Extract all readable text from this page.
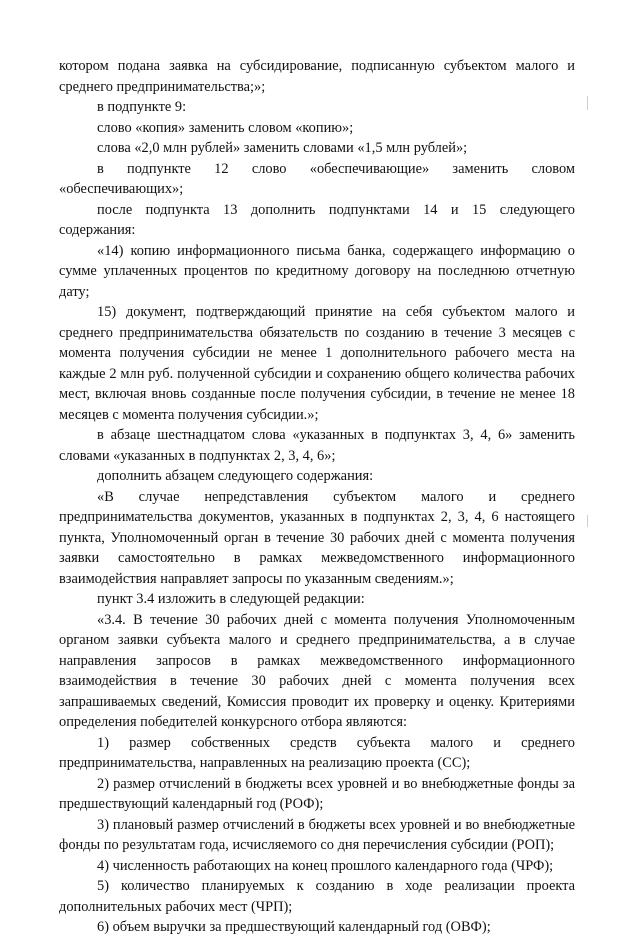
котором подана заявка на субсидирование, подписанную субъектом малого и среднего предпринимательства;»;

в подпункте 9:

слово «копия» заменить словом «копию»;

слова «2,0 млн рублей» заменить словами «1,5 млн рублей»;

в подпункте 12 слово «обеспечивающие» заменить словом «обеспечивающих»;

после подпункта 13 дополнить подпунктами 14 и 15 следующего содержания:

«14) копию информационного письма банка, содержащего информацию о сумме уплаченных процентов по кредитному договору на последнюю отчетную дату;

15) документ, подтверждающий принятие на себя субъектом малого и среднего предпринимательства обязательств по созданию в течение 3 месяцев с момента получения субсидии не менее 1 дополнительного рабочего места на каждые 2 млн руб. полученной субсидии и сохранению общего количества рабочих мест, включая вновь созданные после получения субсидии, в течение не менее 18 месяцев с момента получения субсидии.»;

в абзаце шестнадцатом слова «указанных в подпунктах 3, 4, 6» заменить словами «указанных в подпунктах 2, 3, 4, 6»;

дополнить абзацем следующего содержания:

«В случае непредставления субъектом малого и среднего предпринимательства документов, указанных в подпунктах 2, 3, 4, 6 настоящего пункта, Уполномоченный орган в течение 30 рабочих дней с момента получения заявки самостоятельно в рамках межведомственного информационного взаимодействия направляет запросы по указанным сведениям.»;

пункт 3.4 изложить в следующей редакции:

«3.4. В течение 30 рабочих дней с момента получения Уполномоченным органом заявки субъекта малого и среднего предпринимательства, а в случае направления запросов в рамках межведомственного информационного взаимодействия в течение 30 рабочих дней с момента получения всех запрашиваемых сведений, Комиссия проводит их проверку и оценку. Критериями определения победителей конкурсного отбора являются:

1) размер собственных средств субъекта малого и среднего предпринимательства, направленных на реализацию проекта (СС);

2) размер отчислений в бюджеты всех уровней и во внебюджетные фонды за предшествующий календарный год (РОФ);

3) плановый размер отчислений в бюджеты всех уровней и во внебюджетные фонды по результатам года, исчисляемого со дня перечисления субсидии (РОП);

4) численность работающих на конец прошлого календарного года (ЧРФ);

5) количество планируемых к созданию в ходе реализации проекта дополнительных рабочих мест (ЧРП);

6) объем выручки за предшествующий календарный год (ОВФ);
